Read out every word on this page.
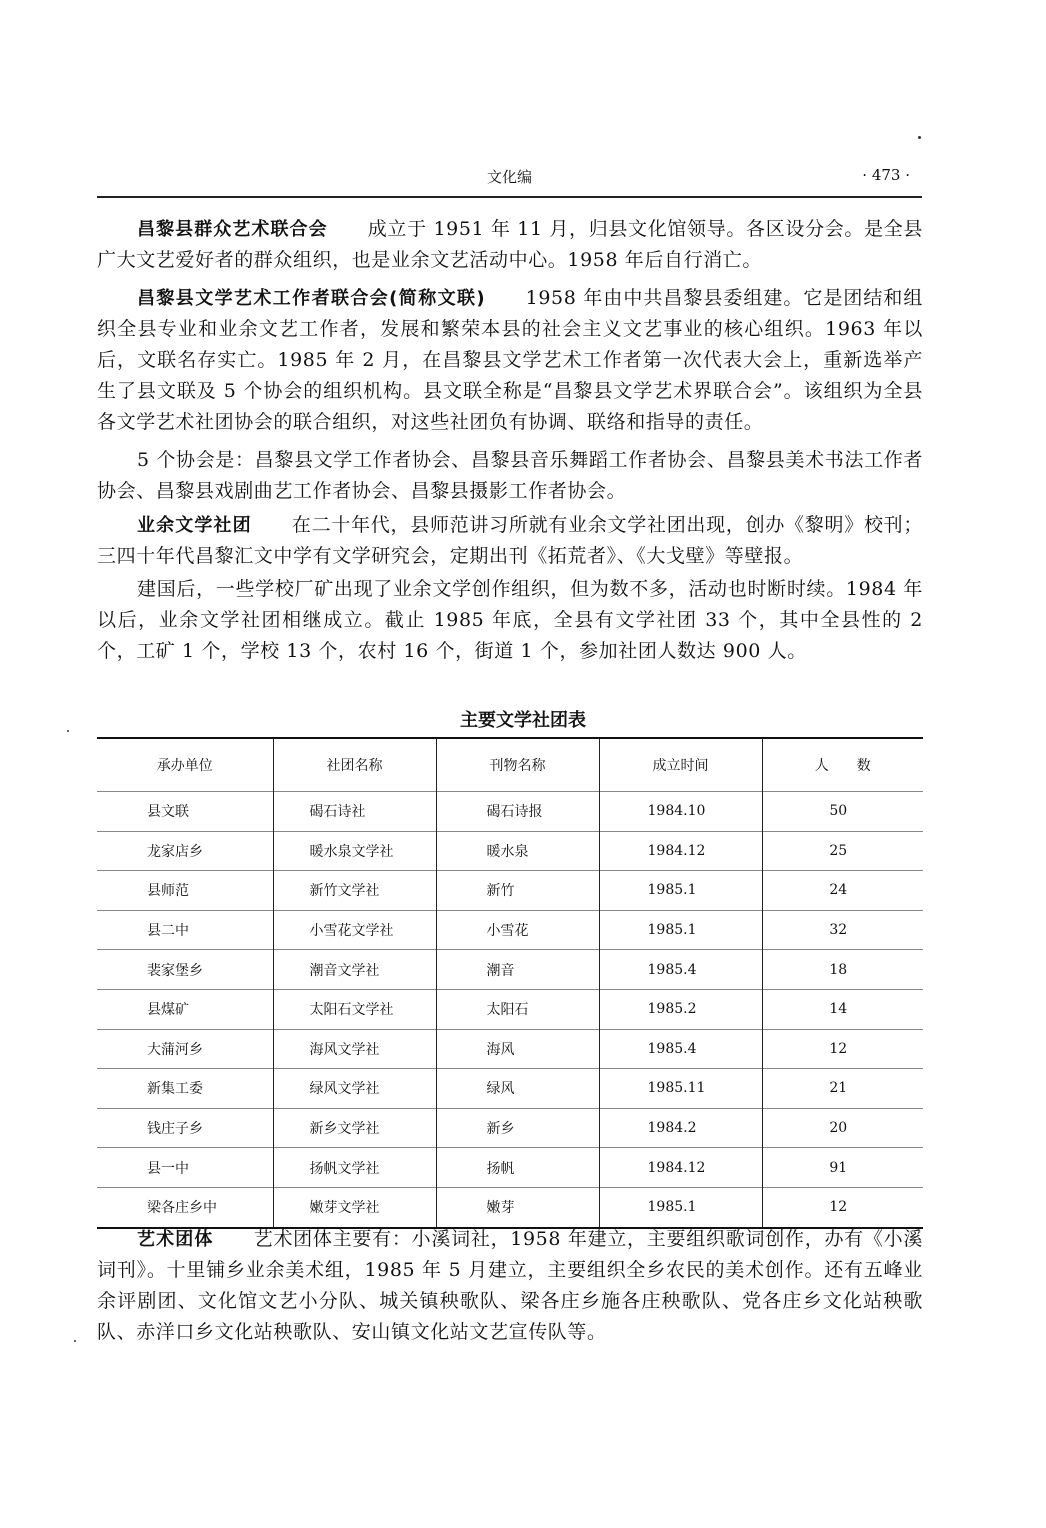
文化编	· 473 ·

昌黎县群众艺术联合会 成立于 1951 年 11 月，归县文化馆领导。各区设分会。是全县广大文艺爱好者的群众组织，也是业余文艺活动中心。1958 年后自行消亡。

昌黎县文学艺术工作者联合会(简称文联) 1958 年由中共昌黎县委组建。它是团结和组织全县专业和业余文艺工作者，发展和繁荣本县的社会主义文艺事业的核心组织。1963 年以后，文联名存实亡。1985 年 2 月，在昌黎县文学艺术工作者第一次代表大会上，重新选举产生了县文联及 5 个协会的组织机构。县文联全称是“昌黎县文学艺术界联合会”。该组织为全县各文学艺术社团协会的联合组织，对这些社团负有协调、联络和指导的责任。

5 个协会是：昌黎县文学工作者协会、昌黎县音乐舞蹈工作者协会、昌黎县美术书法工作者协会、昌黎县戏剧曲艺工作者协会、昌黎县摄影工作者协会。

业余文学社团 在二十年代，县师范讲习所就有业余文学社团出现，创办《黎明》校刊；三四十年代昌黎汇文中学有文学研究会，定期出刊《拓荒者》、《大戈壁》等壁报。

建国后，一些学校厂矿出现了业余文学创作组织，但为数不多，活动也时断时续。1984 年以后，业余文学社团相继成立。截止 1985 年底，全县有文学社团 33 个，其中全县性的 2 个，工矿 1 个，学校 13 个，农村 16 个，街道 1 个，参加社团人数达 900 人。

主要文学社团表
承办单位	社团名称	刊物名称	成立时间	人　　数
县文联	碣石诗社	碣石诗报	1984.10	50
龙家店乡	暖水泉文学社	暖水泉	1984.12	25
县师范	新竹文学社	新竹	1985.1	24
县二中	小雪花文学社	小雪花	1985.1	32
裴家堡乡	潮音文学社	潮音	1985.4	18
县煤矿	太阳石文学社	太阳石	1985.2	14
大蒲河乡	海风文学社	海风	1985.4	12
新集工委	绿风文学社	绿风	1985.11	21
钱庄子乡	新乡文学社	新乡	1984.2	20
县一中	扬帆文学社	扬帆	1984.12	91
梁各庄乡中	嫩芽文学社	嫩芽	1985.1	12

艺术团体 艺术团体主要有：小溪词社，1958 年建立，主要组织歌词创作，办有《小溪词刊》。十里铺乡业余美术组，1985 年 5 月建立，主要组织全乡农民的美术创作。还有五峰业余评剧团、文化馆文艺小分队、城关镇秧歌队、梁各庄乡施各庄秧歌队、党各庄乡文化站秧歌队、赤洋口乡文化站秧歌队、安山镇文化站文艺宣传队等。
